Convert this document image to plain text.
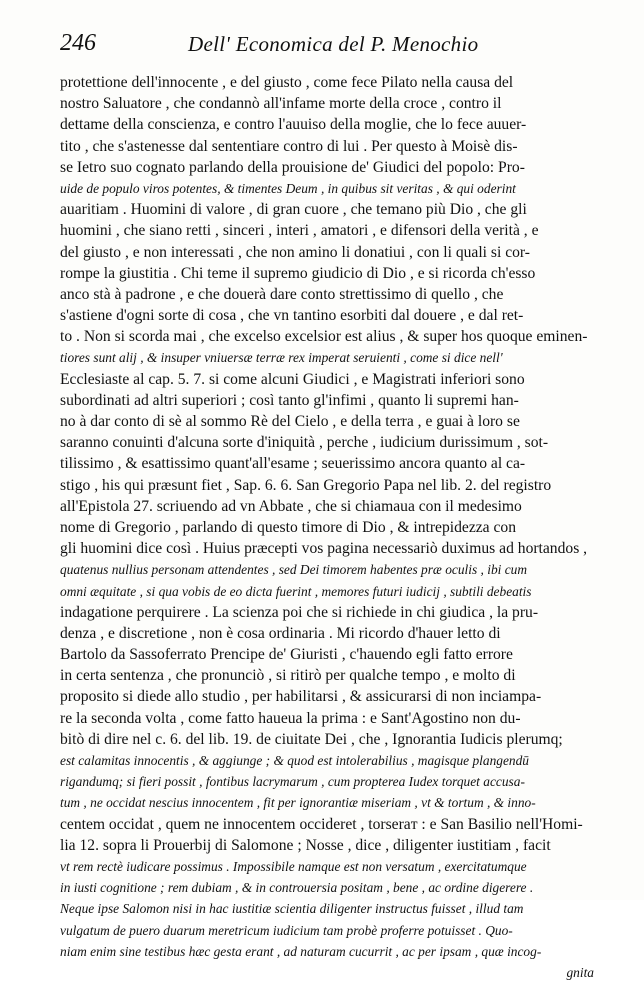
246	Dell' Economica del P. Menochio
protettione dell'innocente , e del giusto , come fece Pilato nella causa del
nostro Saluatore , che condannò all'infame morte della croce , contro il
dettame della conscienza, e contro l'auuiso della moglie, che lo fece auuer-
tito , che s'astenesse dal sententiare contro di lui . Per questo à Moisè dis-
se Ietro suo cognato parlando della prouisione de' Giudici del popolo: Pro-
uide de populo viros potentes, & timentes Deum , in quibus sit veritas , & qui oderint
auaritiam . Huomini di valore , di gran cuore , che temano più Dio , che gli
huomini , che siano retti , sinceri , interi , amatori , e difensori della verità , e
del giusto , e non interessati , che non amino li donatiui , con li quali si cor-
rompe la giustitia . Chi teme il supremo giudicio di Dio , e si ricorda ch'esso
anco stà à padrone , e che douerà dare conto strettissimo di quello , che
s'astiene d'ogni sorte di cosa , che vn tantino esorbiti dal douere , e dal ret-
to . Non si scorda mai , che excelso excelsior est alius , & super hos quoque eminen-
tiores sunt alij , & insuper vniuersæ terræ rex imperat seruienti , come si dice nell'
Ecclesiaste al cap. 5. 7. si come alcuni Giudici , e Magistrati inferiori sono
subordinati ad altri superiori ; così tanto gl'infimi , quanto li supremi han-
no à dar conto di sè al sommo Rè del Cielo , e della terra , e guai à loro se
saranno conuinti d'alcuna sorte d'iniquità , perche , iudicium durissimum , sot-
tilissimo , & esattissimo quant'all'esame ; seuerissimo ancora quanto al ca-
stigo , his qui præsunt fiet , Sap. 6. 6. San Gregorio Papa nel lib. 2. del registro
all'Epistola 27. scriuendo ad vn Abbate , che si chiamaua con il medesimo
nome di Gregorio , parlando di questo timore di Dio , & intrepidezza con
gli huomini dice così . Huius præcepti vos pagina necessariò duximus ad hortandos ,
quatenus nullius personam attendentes , sed Dei timorem habentes præ oculis , ibi cum
omni æquitate , si qua vobis de eo dicta fuerint , memores futuri iudicij , subtili debeatis
indagatione perquirere . La scienza poi che si richiede in chi giudica , la pru-
denza , e discretione , non è cosa ordinaria . Mi ricordo d'hauer letto di
Bartolo da Sassoferrato Prencipe de' Giuristi , c'hauendo egli fatto errore
in certa sentenza , che pronunciò , si ritirò per qualche tempo , e molto di
proposito si diede allo studio , per habilitarsi , & assicurarsi di non inciampa-
re la seconda volta , come fatto haueua la prima : e Sant'Agostino non du-
bitò di dire nel c. 6. del lib. 19. de ciuitate Dei , che , Ignorantia Iudicis plerumq;
est calamitas innocentis , & aggiunge ; & quod est intolerabilius , magisque plangendū
rigandumq; si fieri possit , fontibus lacrymarum , cum propterea Iudex torquet accusa-
tum , ne occidat nescius innocentem , fit per ignorantiæ miseriam , vt & tortum , & inno-
centem occidat , quem ne innocentem occideret , torseraт : e San Basilio nell'Homi-
lia 12. sopra li Prouerbij di Salomone ; Nosse , dice , diligenter iustitiam , facit
vt rem rectè iudicare possimus . Impossibile namque est non versatum , exercitatumque
in iusti cognitione ; rem dubiam , & in controuersia positam , bene , ac ordine digerere .
Neque ipse Salomon nisi in hac iustitiæ scientia diligenter instructus fuisset , illud tam
vulgatum de puero duarum meretricum iudicium tam probè proferre potuisset . Quo-
niam enim sine testibus hæc gesta erant , ad naturam cucurrit , ac per ipsam , quæ incog-
gnita
